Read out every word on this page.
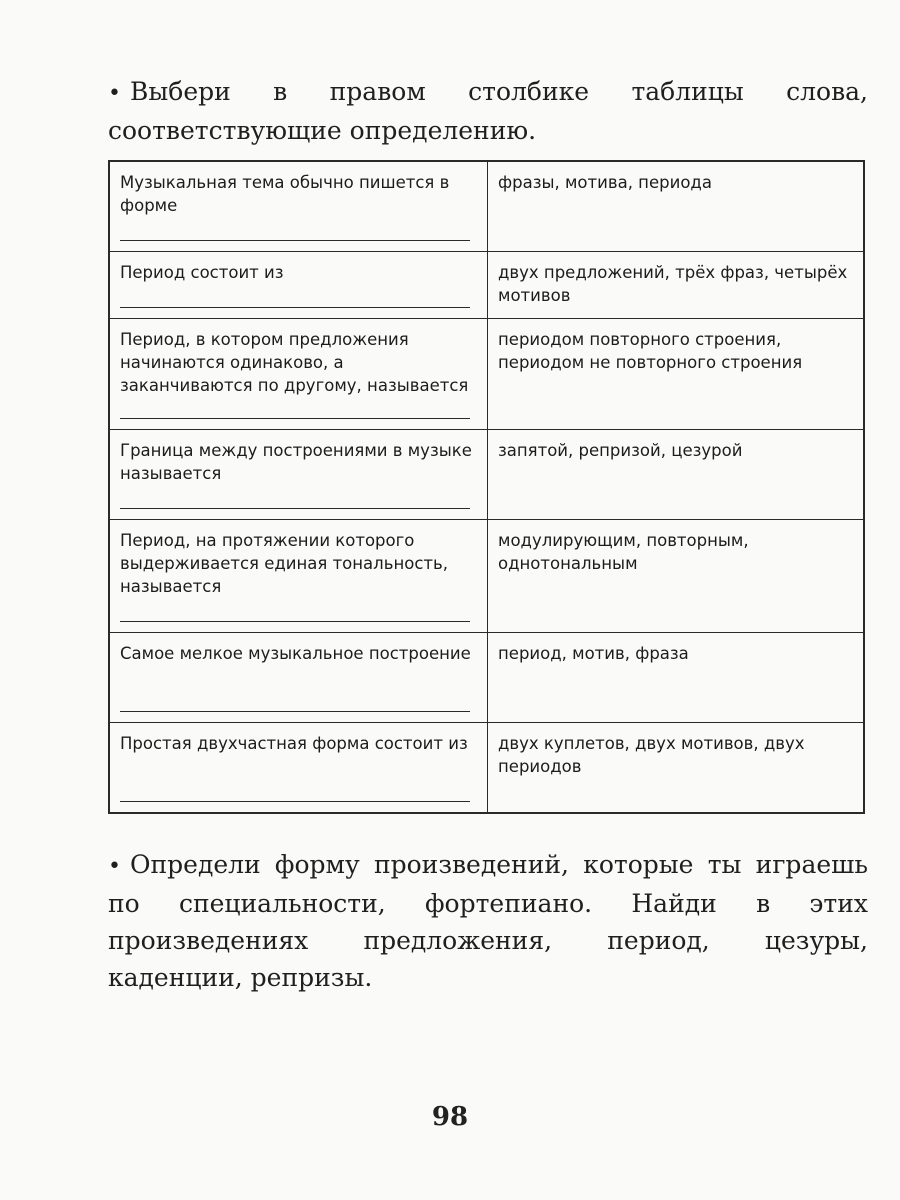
• Выбери в правом столбике таблицы слова, соответствующие определению.
Музыкальная тема обычно пишется в форме	фразы, мотива, периода

Период состоит из	двух предложений, трёх фраз, четырёх мотивов

Период, в котором предложения начинаются одинаково, а заканчиваются по другому, называется	периодом повторного строения, периодом не повторного строения

Граница между построениями в музыке называется	запятой, репризой, цезурой

Период, на протяжении которого выдерживается единая тональность, называется	модулирующим, повторным, однотональным

Самое мелкое музыкальное построение	период, мотив, фраза

Простая двухчастная форма состоит из	двух куплетов, двух мотивов, двух периодов
• Определи форму произведений, которые ты играешь по специальности, фортепиано. Найди в этих произведениях предложения, период, цезуры, каденции, репризы.
98
